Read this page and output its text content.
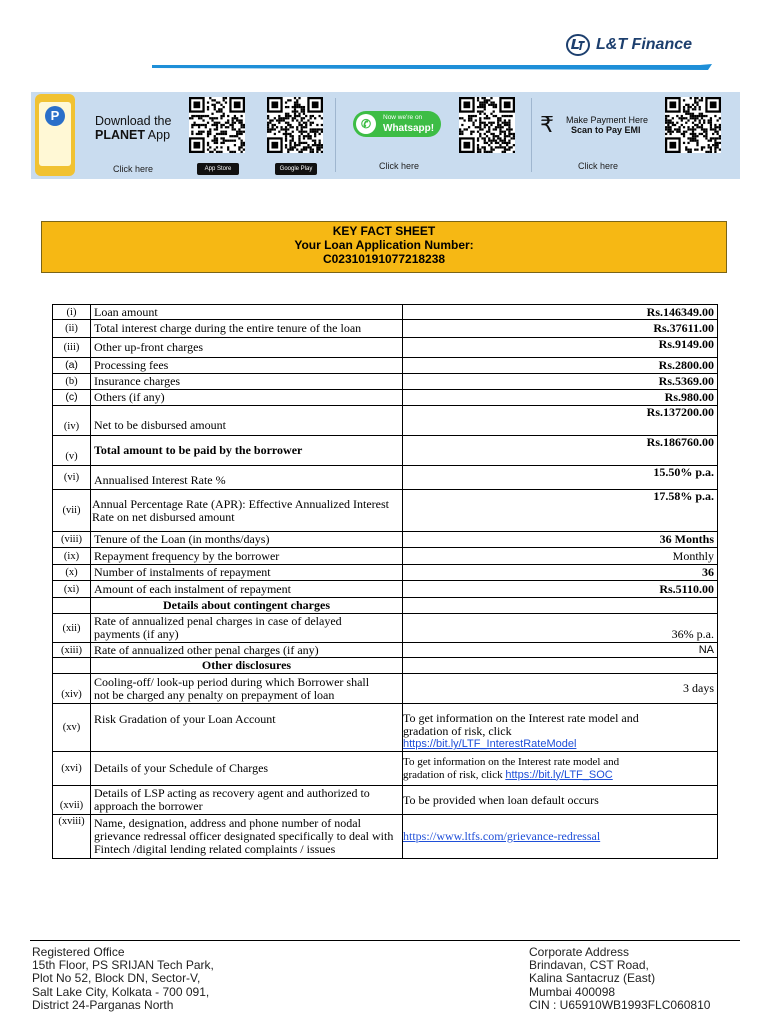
L&T Finance
P	Download the
PLANET App
Click here	App Store	Google Play
✆	Now we're on
Whatsapp!
Click here
₹ Make Payment Here
Scan to Pay EMI
Click here
KEY FACT SHEET
Your Loan Application Number:
C02310191077218238
(i)	Loan amount	Rs.146349.00
(ii)	Total interest charge during the entire tenure of the loan	Rs.37611.00
(iii)	Other up-front charges	Rs.9149.00
(a)	Processing fees	Rs.2800.00
(b)	Insurance charges	Rs.5369.00
(c)	Others (if any)	Rs.980.00
(iv)	Net to be disbursed amount	Rs.137200.00
(v)	Total amount to be paid by the borrower	Rs.186760.00
(vi)	Annualised Interest Rate %	15.50% p.a.
(vii)	Annual Percentage Rate (APR): Effective Annualized Interest
Rate on net disbursed amount	17.58% p.a.
(viii)	Tenure of the Loan (in months/days)	36 Months
(ix)	Repayment frequency by the borrower	Monthly
(x)	Number of instalments of repayment	36
(xi)	Amount of each instalment of repayment	Rs.5110.00
	Details about contingent charges	
(xii)	Rate of annualized penal charges in case of delayed
payments (if any)	36% p.a.
(xiii)	Rate of annualized other penal charges (if any)	NA
	Other disclosures	
(xiv)	Cooling-off/ look-up period during which Borrower shall
not be charged any penalty on prepayment of loan	3 days
(xv)	Risk Gradation of your Loan Account	To get information on the Interest rate model and
gradation of risk, click
https://bit.ly/LTF_InterestRateModel

(xvi)	Details of your Schedule of Charges	To get information on the Interest rate model and
gradation of risk, click https://bit.ly/LTF_SOC

(xvii)	Details of LSP acting as recovery agent and authorized to
approach the borrower	To be provided when loan default occurs
(xviii)	Name, designation, address and phone number of nodal
grievance redressal officer designated specifically to deal with
Fintech /digital lending related complaints / issues	https://www.ltfs.com/grievance-redressal
Registered Office
15th Floor, PS SRIJAN Tech Park,
Plot No 52, Block DN, Sector-V,
Salt Lake City, Kolkata - 700 091,
District 24-Parganas North
Corporate Address
Brindavan, CST Road,
Kalina Santacruz (East)
Mumbai 400098
CIN : U65910WB1993FLC060810
